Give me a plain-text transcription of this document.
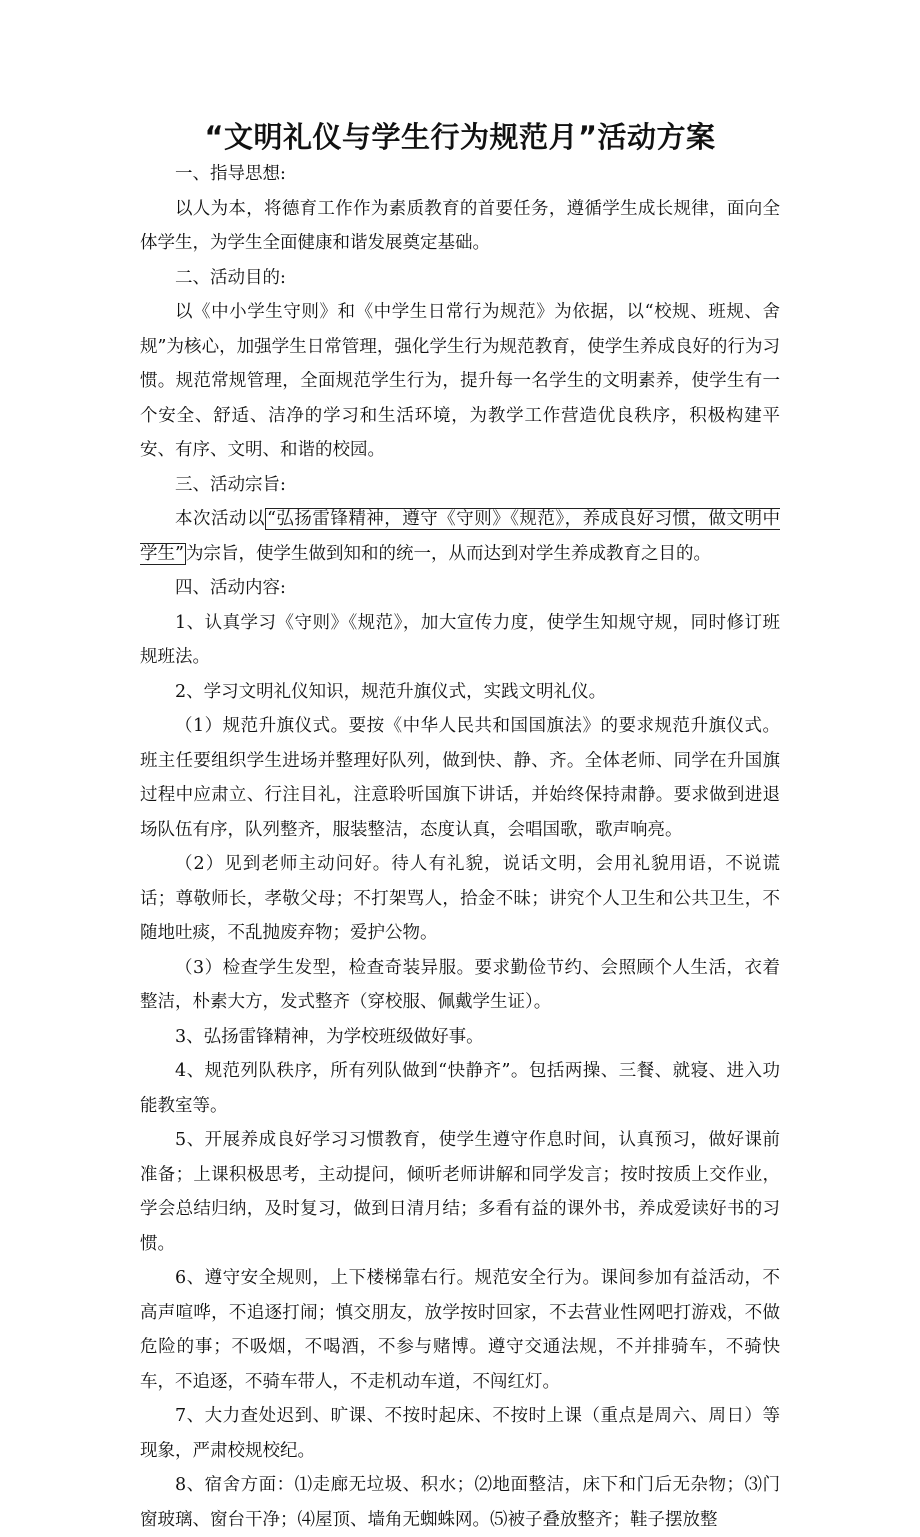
“文明礼仪与学生行为规范月”活动方案

一、指导思想:

以人为本，将德育工作作为素质教育的首要任务，遵循学生成长规律，面向全体学生，为学生全面健康和谐发展奠定基础。

二、活动目的:

以《中小学生守则》和《中学生日常行为规范》为依据，以“校规、班规、舍规”为核心，加强学生日常管理，强化学生行为规范教育，使学生养成良好的行为习惯。规范常规管理，全面规范学生行为，提升每一名学生的文明素养，使学生有一个安全、舒适、洁净的学习和生活环境，为教学工作营造优良秩序，积极构建平安、有序、文明、和谐的校园。

三、活动宗旨:

本次活动以 “弘扬雷锋精神，遵守《守则》《规范》，养成良好习惯，做文明中学生” 为宗旨，使学生做到知和的统一，从而达到对学生养成教育之目的。

四、活动内容:

1、认真学习《守则》《规范》，加大宣传力度，使学生知规守规，同时修订班规班法。

2、学习文明礼仪知识，规范升旗仪式，实践文明礼仪。

（1）规范升旗仪式。要按《中华人民共和国国旗法》的要求规范升旗仪式。班主任要组织学生进场并整理好队列，做到快、静、齐。全体老师、同学在升国旗过程中应肃立、行注目礼，注意聆听国旗下讲话，并始终保持肃静。要求做到进退场队伍有序，队列整齐，服装整洁，态度认真，会唱国歌，歌声响亮。

（2）见到老师主动问好。待人有礼貌，说话文明，会用礼貌用语，不说谎话；尊敬师长，孝敬父母；不打架骂人，拾金不昧；讲究个人卫生和公共卫生，不随地吐痰，不乱抛废弃物；爱护公物。

（3）检查学生发型，检查奇装异服。要求勤俭节约、会照顾个人生活，衣着整洁，朴素大方，发式整齐（穿校服、佩戴学生证）。

3、弘扬雷锋精神，为学校班级做好事。

4、规范列队秩序，所有列队做到“快静齐”。包括两操、三餐、就寝、进入功能教室等。

5、开展养成良好学习习惯教育，使学生遵守作息时间，认真预习，做好课前准备；上课积极思考，主动提问，倾听老师讲解和同学发言；按时按质上交作业，学会总结归纳，及时复习，做到日清月结；多看有益的课外书，养成爱读好书的习惯。

6、遵守安全规则，上下楼梯靠右行。规范安全行为。课间参加有益活动，不高声喧哗，不追逐打闹；慎交朋友，放学按时回家，不去营业性网吧打游戏，不做危险的事；不吸烟，不喝酒，不参与赌博。遵守交通法规，不并排骑车，不骑快车，不追逐，不骑车带人，不走机动车道，不闯红灯。

7、大力查处迟到、旷课、不按时起床、不按时上课（重点是周六、周日）等现象，严肃校规校纪。

8、宿舍方面：⑴走廊无垃圾、积水；⑵地面整洁，床下和门后无杂物；⑶门窗玻璃、窗台干净；⑷屋顶、墙角无蜘蛛网。⑸被子叠放整齐；鞋子摆放整
